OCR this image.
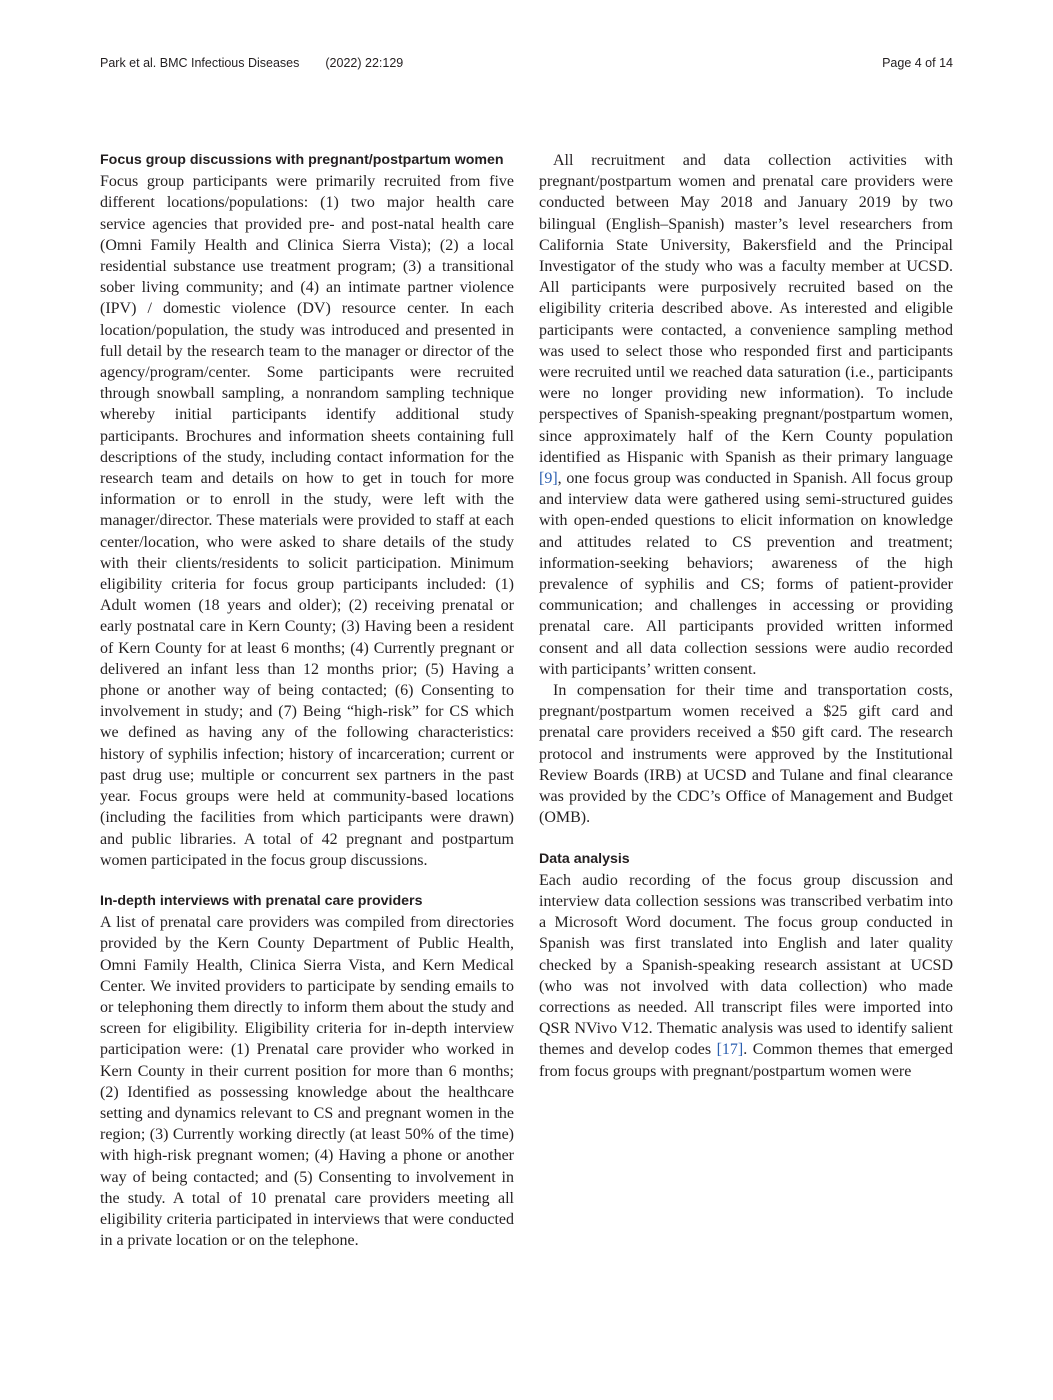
Park et al. BMC Infectious Diseases (2022) 22:129	Page 4 of 14
Focus group discussions with pregnant/postpartum women

Focus group participants were primarily recruited from five different locations/populations: (1) two major health care service agencies that provided pre- and post-natal health care (Omni Family Health and Clinica Sierra Vista); (2) a local residential substance use treatment program; (3) a transitional sober living community; and (4) an intimate partner violence (IPV) / domestic violence (DV) resource center. In each location/population, the study was introduced and presented in full detail by the research team to the manager or director of the agency/program/center. Some participants were recruited through snowball sampling, a nonrandom sampling technique whereby initial participants identify additional study participants. Brochures and information sheets containing full descriptions of the study, including contact information for the research team and details on how to get in touch for more information or to enroll in the study, were left with the manager/director. These materials were provided to staff at each center/location, who were asked to share details of the study with their clients/residents to solicit participation. Minimum eligibility criteria for focus group participants included: (1) Adult women (18 years and older); (2) receiving prenatal or early postnatal care in Kern County; (3) Having been a resident of Kern County for at least 6 months; (4) Currently pregnant or delivered an infant less than 12 months prior; (5) Having a phone or another way of being contacted; (6) Consenting to involvement in study; and (7) Being “high-risk” for CS which we defined as having any of the following characteristics: history of syphilis infection; history of incarceration; current or past drug use; multiple or concurrent sex partners in the past year. Focus groups were held at community-based locations (including the facilities from which participants were drawn) and public libraries. A total of 42 pregnant and postpartum women participated in the focus group discussions.

In-depth interviews with prenatal care providers

A list of prenatal care providers was compiled from directories provided by the Kern County Department of Public Health, Omni Family Health, Clinica Sierra Vista, and Kern Medical Center. We invited providers to participate by sending emails to or telephoning them directly to inform them about the study and screen for eligibility. Eligibility criteria for in-depth interview participation were: (1) Prenatal care provider who worked in Kern County in their current position for more than 6 months; (2) Identified as possessing knowledge about the healthcare setting and dynamics relevant to CS and pregnant women in the region; (3) Currently working directly (at least 50% of the time) with high-risk pregnant women; (4) Having a phone or another way of being contacted; and (5) Consenting to involvement in the study. A total of 10 prenatal care providers meeting all eligibility criteria participated in interviews that were conducted in a private location or on the telephone.

All recruitment and data collection activities with pregnant/postpartum women and prenatal care providers were conducted between May 2018 and January 2019 by two bilingual (English–Spanish) master’s level researchers from California State University, Bakersfield and the Principal Investigator of the study who was a faculty member at UCSD. All participants were purposively recruited based on the eligibility criteria described above. As interested and eligible participants were contacted, a convenience sampling method was used to select those who responded first and participants were recruited until we reached data saturation (i.e., participants were no longer providing new information). To include perspectives of Spanish-speaking pregnant/postpartum women, since approximately half of the Kern County population identified as Hispanic with Spanish as their primary language [9], one focus group was conducted in Spanish. All focus group and interview data were gathered using semi-structured guides with open-ended questions to elicit information on knowledge and attitudes related to CS prevention and treatment; information-seeking behaviors; awareness of the high prevalence of syphilis and CS; forms of patient-provider communication; and challenges in accessing or providing prenatal care. All participants provided written informed consent and all data collection sessions were audio recorded with participants’ written consent.

In compensation for their time and transportation costs, pregnant/postpartum women received a $25 gift card and prenatal care providers received a $50 gift card. The research protocol and instruments were approved by the Institutional Review Boards (IRB) at UCSD and Tulane and final clearance was provided by the CDC’s Office of Management and Budget (OMB).

Data analysis

Each audio recording of the focus group discussion and interview data collection sessions was transcribed verbatim into a Microsoft Word document. The focus group conducted in Spanish was first translated into English and later quality checked by a Spanish-speaking research assistant at UCSD (who was not involved with data collection) who made corrections as needed. All transcript files were imported into QSR NVivo V12. Thematic analysis was used to identify salient themes and develop codes [17]. Common themes that emerged from focus groups with pregnant/postpartum women were
